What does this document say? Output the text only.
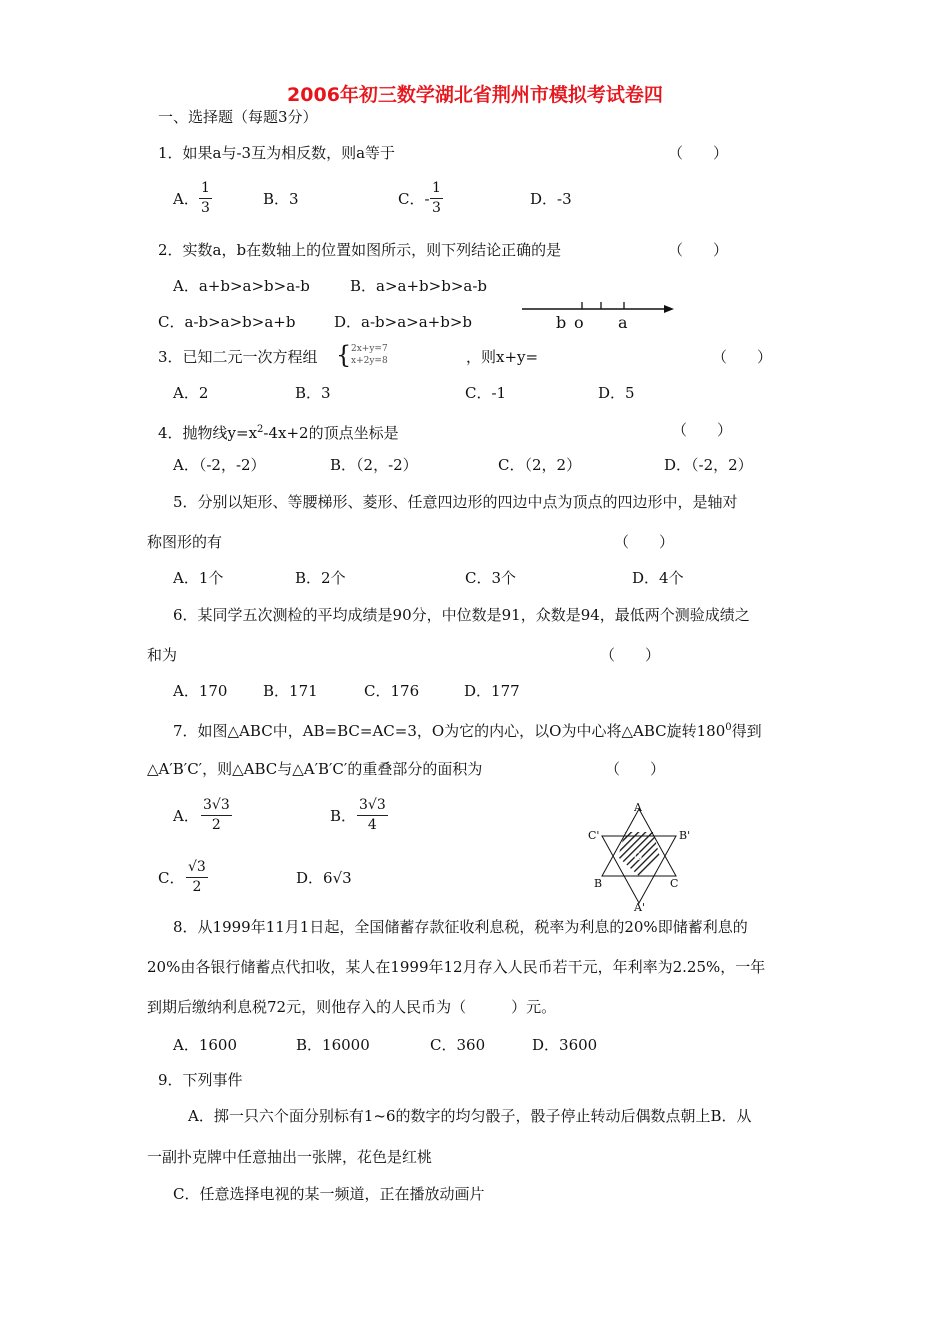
2006年初三数学湖北省荆州市模拟考试卷四
一、选择题（每题3分）
1．如果a与-3互为相反数，则a等于	（　　）
A． $\frac{1}{3}$	B．3	C．- $\frac{1}{3}$	D．-3
2．实数a，b在数轴上的位置如图所示，则下列结论正确的是	（　　）
A．a+b>a>b>a-b	B．a>a+b>b>a-b
C．a-b>a>b>a+b	D．a-b>a>a+b>b	b o a
3．已知二元一次方程组 { 2x+y=7
x+2y=8	，则x+y=	（　　）
A．2	B．3	C．-1	D．5
4．抛物线$y=x^2-4x+2$的顶点坐标是	（　　）
A．（-2，-2）	B．（2，-2）	C．（2，2）	D．（-2，2）
5．分别以矩形、等腰梯形、菱形、任意四边形的四边中点为顶点的四边形中，是轴对
称图形的有	（　　）
A．1个	B．2个	C．3个	D．4个
6．某同学五次测检的平均成绩是90分，中位数是91，众数是94，最低两个测验成绩之
和为	（　　）
A．170 B．171	C．176	D．177
7．如图△ABC中，AB=BC=AC=3，O为它的内心，以O为中心将△ABC旋转$180^0$得到
△A′B′C′，则△ABC与△A′B′C′的重叠部分的面积为	（　　）
A． $\frac{3√3}{2}$	B． $\frac{3√3}{4}$
C． $\frac{√3}{2}$	D．6√3
A
C'	B'
O
B	C
A'
8．从1999年11月1日起，全国储蓄存款征收利息税，税率为利息的20%即储蓄利息的
20%由各银行储蓄点代扣收，某人在1999年12月存入人民币若干元，年利率为2.25%，一年
到期后缴纳利息税72元，则他存入的人民币为（　　　）元。
A．1600	B．16000	C．360	D．3600
9．下列事件
A．掷一只六个面分别标有1~6的数字的均匀骰子，骰子停止转动后偶数点朝上B．从
一副扑克牌中任意抽出一张牌，花色是红桃
C．任意选择电视的某一频道，正在播放动画片
